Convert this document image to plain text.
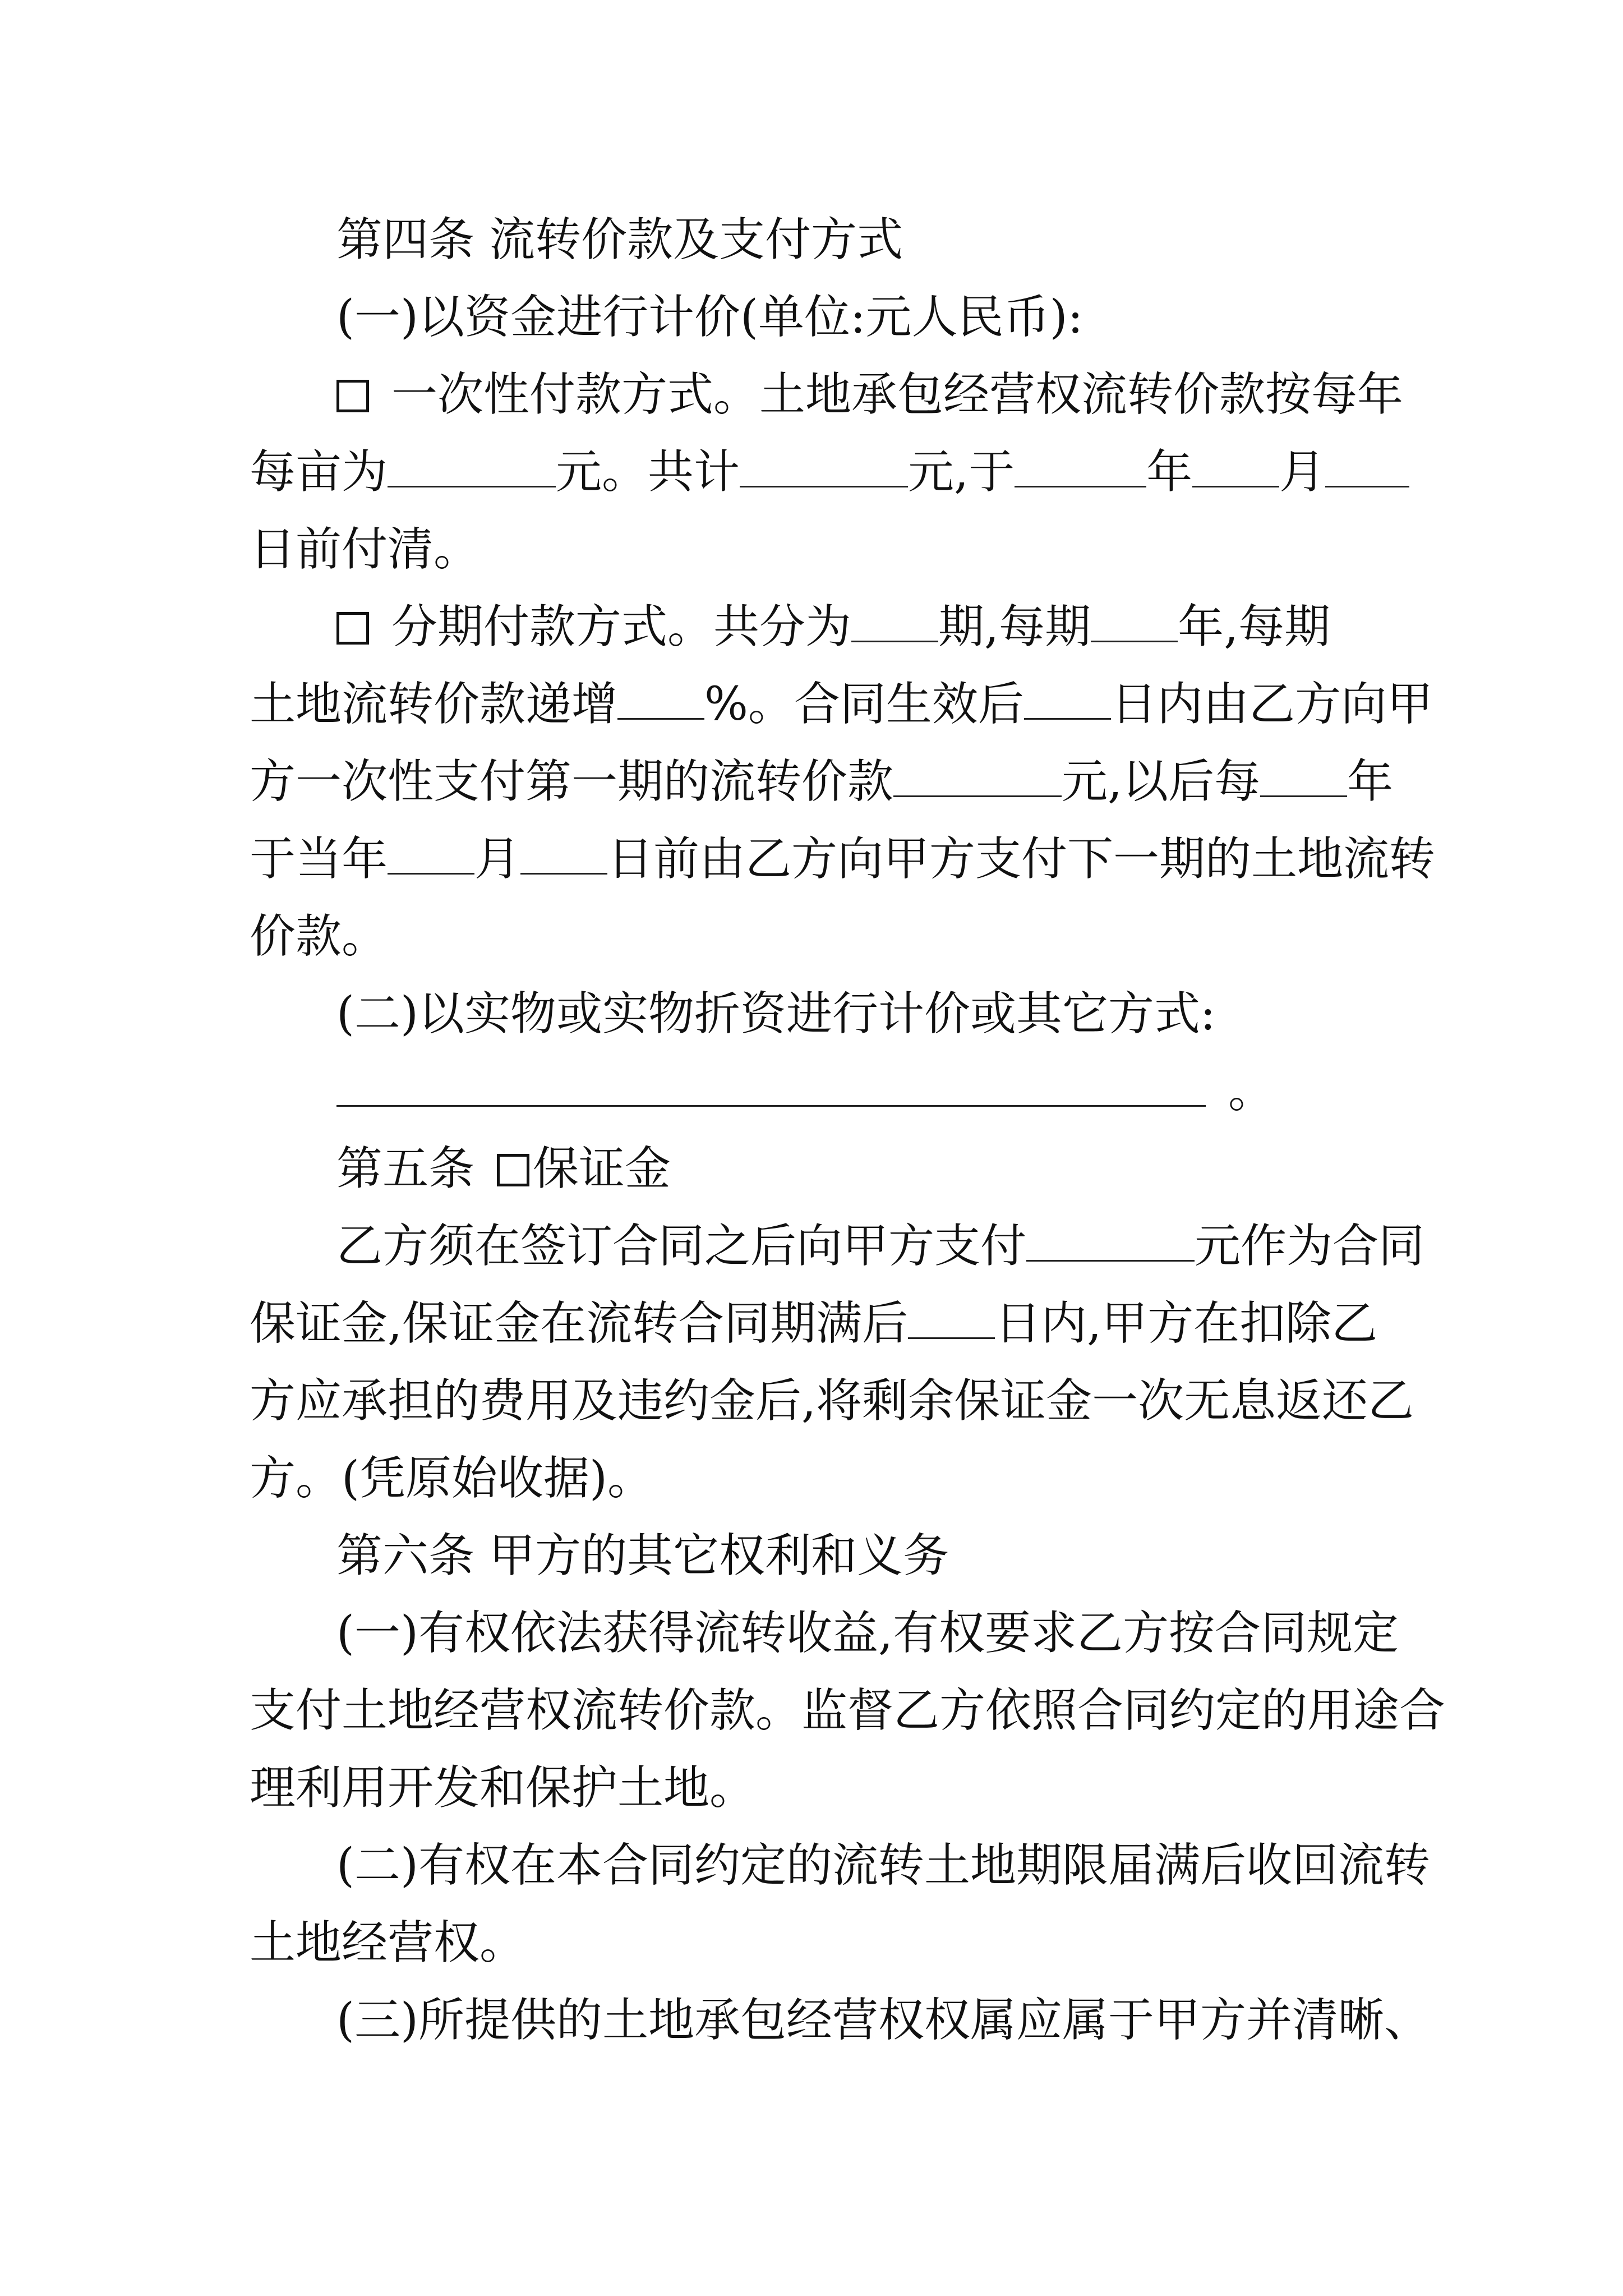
第四条 流转价款及支付方式
(一)以资金进行计价(单位:元人民币):
一次性付款方式。土地承包经营权流转价款按每年
每亩为	元。共计	元,于	年 月
日前付清。
分期付款方式。共分为 期,每期 年,每期
土地流转价款递增 %。合同生效后 日内由乙方向甲
方一次性支付第一期的流转价款	元,以后每 年
于当年 月 日前由乙方向甲方支付下一期的土地流转
价款。
(二)以实物或实物折资进行计价或其它方式:
。
第五条 保证金
乙方须在签订合同之后向甲方支付	元作为合同
保证金,保证金在流转合同期满后 日内,甲方在扣除乙
方应承担的费用及违约金后,将剩余保证金一次无息返还乙
方。(凭原始收据)。
第六条 甲方的其它权利和义务
(一)有权依法获得流转收益,有权要求乙方按合同规定
支付土地经营权流转价款。监督乙方依照合同约定的用途合
理利用开发和保护土地。
(二)有权在本合同约定的流转土地期限届满后收回流转
土地经营权。
(三)所提供的土地承包经营权权属应属于甲方并清晰、
